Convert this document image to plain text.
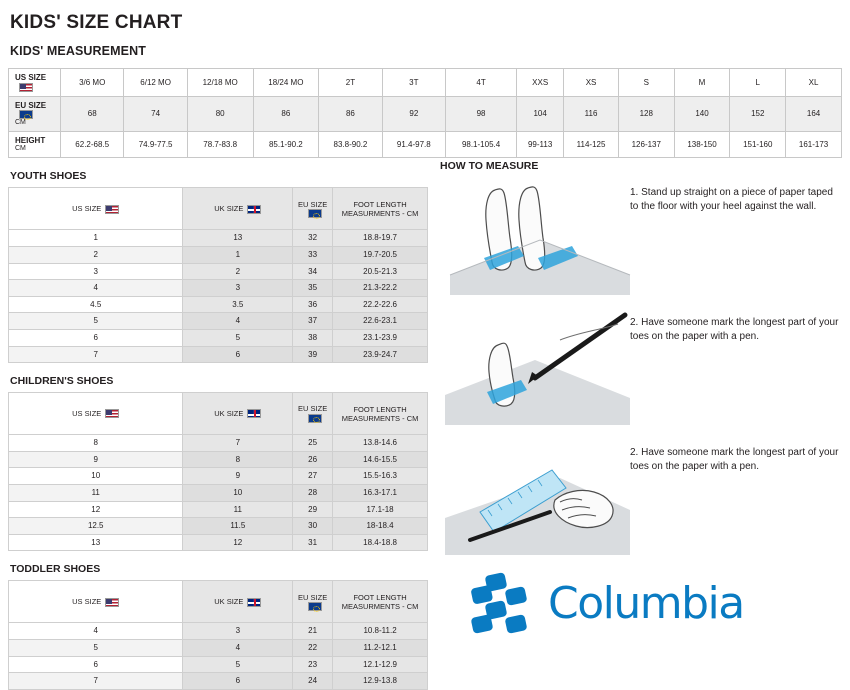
KIDS' SIZE CHART
KIDS' MEASUREMENT
US SIZE	3/6 MO	6/12 MO	12/18 MO	18/24 MO	2T	3T	4T	XXS	XS	S	M	L	XL
EU SIZE
CM	68	74	80	86	86	92	98	104	116	128	140	152	164
HEIGHT
CM	62.2-68.5	74.9-77.5	78.7-83.8	85.1-90.2	83.8-90.2	91.4-97.8	98.1-105.4	99-113	114-125	126-137	138-150	151-160	161-173
YOUTH SHOES
US SIZE	UK SIZE	EU SIZE	FOOT LENGTH MEASURMENTS - CM
1	13	32	18.8-19.7
2	1	33	19.7-20.5
3	2	34	20.5-21.3
4	3	35	21.3-22.2
4.5	3.5	36	22.2-22.6
5	4	37	22.6-23.1
6	5	38	23.1-23.9
7	6	39	23.9-24.7
CHILDREN'S SHOES
US SIZE	UK SIZE	EU SIZE	FOOT LENGTH MEASURMENTS - CM
8	7	25	13.8-14.6
9	8	26	14.6-15.5
10	9	27	15.5-16.3
11	10	28	16.3-17.1
12	11	29	17.1-18
12.5	11.5	30	18-18.4
13	12	31	18.4-18.8
TODDLER SHOES
US SIZE	UK SIZE	EU SIZE	FOOT LENGTH MEASURMENTS - CM
4	3	21	10.8-11.2
5	4	22	11.2-12.1
6	5	23	12.1-12.9
7	6	24	12.9-13.8
HOW TO MEASURE
1. Stand up straight on a piece of paper taped to the floor with your heel against the wall.
2. Have someone mark the longest part of your toes on the paper with a pen.
2. Have someone mark the longest part of your toes on the paper with a pen.
Columbia
